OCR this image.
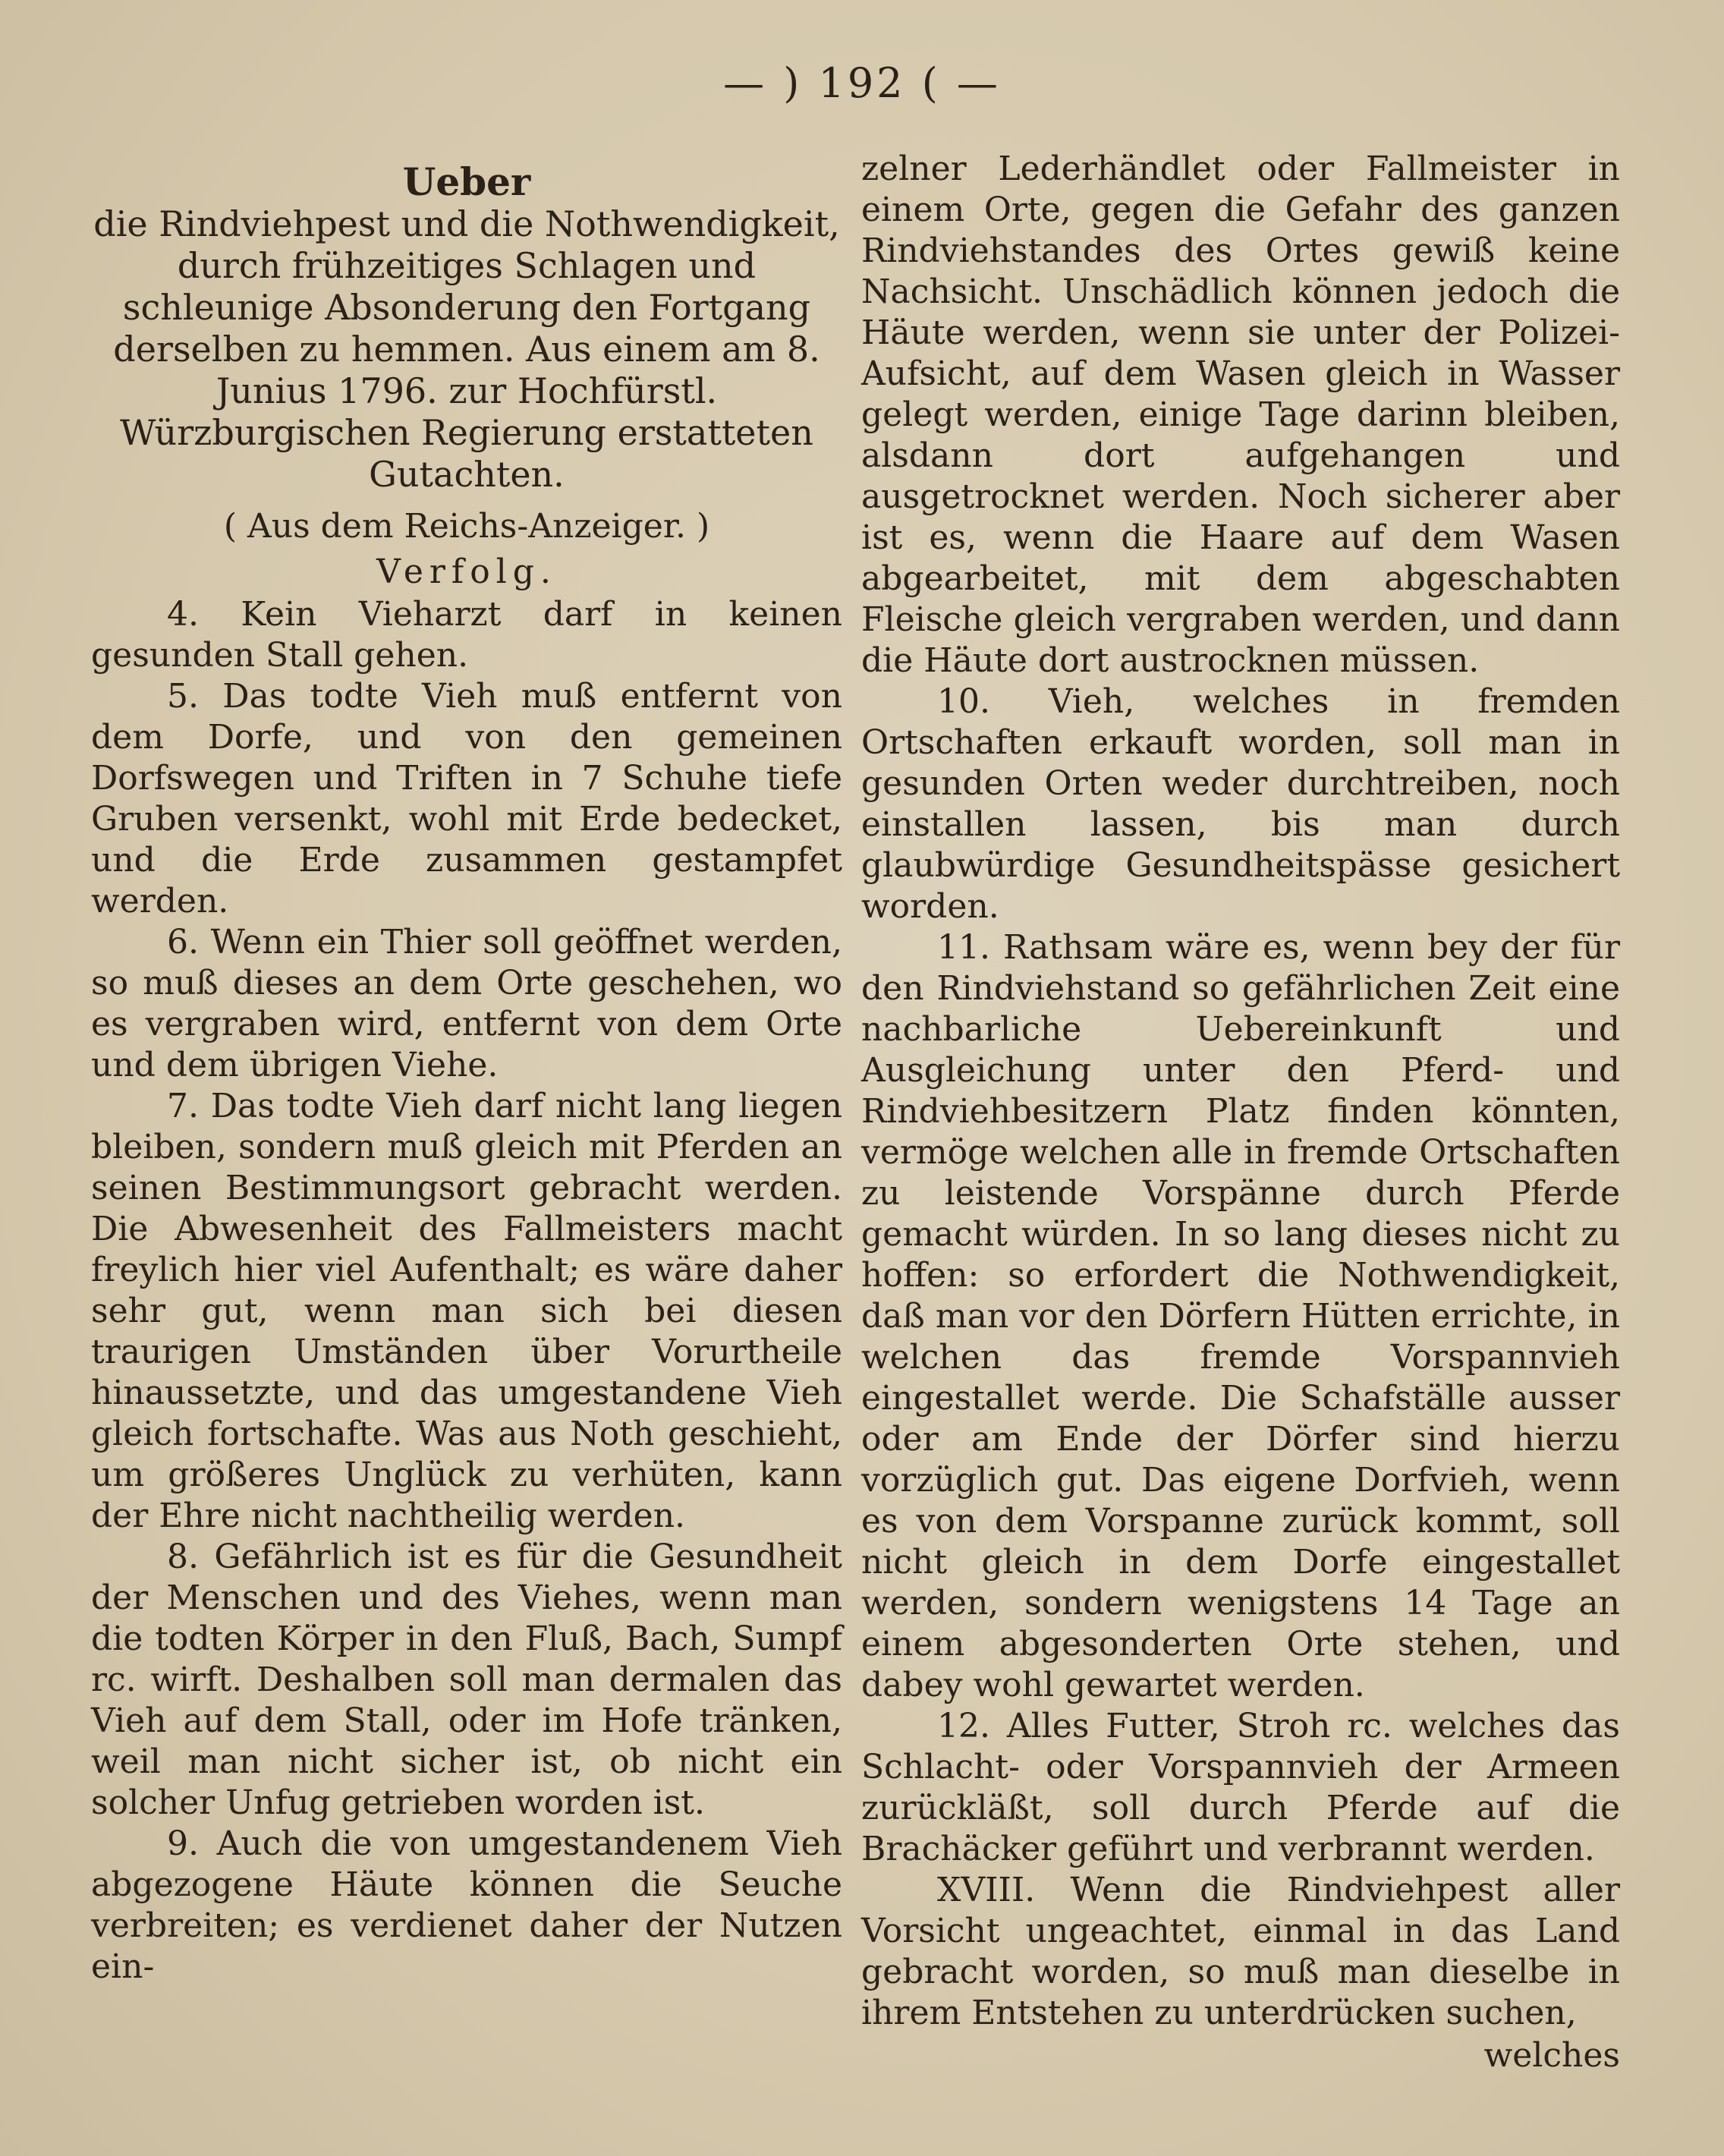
— ) 192 ( —

Ueber

die Rindviehpest und die Nothwendigkeit, durch frühzeitiges Schlagen und schleunige Absonderung den Fortgang derselben zu hemmen. Aus einem am 8. Junius 1796. zur Hochfürstl. Würzburgischen Regierung erstatteten Gutachten.

( Aus dem Reichs-Anzeiger. )

Verfolg.

4. Kein Vieharzt darf in keinen gesunden Stall gehen.

5. Das todte Vieh muß entfernt von dem Dorfe, und von den gemeinen Dorfswegen und Triften in 7 Schuhe tiefe Gruben versenkt, wohl mit Erde bedecket, und die Erde zusammen gestampfet werden.

6. Wenn ein Thier soll geöffnet werden, so muß dieses an dem Orte geschehen, wo es vergraben wird, entfernt von dem Orte und dem übrigen Viehe.

7. Das todte Vieh darf nicht lang liegen bleiben, sondern muß gleich mit Pferden an seinen Bestimmungsort gebracht werden. Die Abwesenheit des Fallmeisters macht freylich hier viel Aufenthalt; es wäre daher sehr gut, wenn man sich bei diesen traurigen Umständen über Vorurtheile hinaussetzte, und das umgestandene Vieh gleich fortschafte. Was aus Noth geschieht, um größeres Unglück zu verhüten, kann der Ehre nicht nachtheilig werden.

8. Gefährlich ist es für die Gesundheit der Menschen und des Viehes, wenn man die todten Körper in den Fluß, Bach, Sumpf rc. wirft. Deshalben soll man dermalen das Vieh auf dem Stall, oder im Hofe tränken, weil man nicht sicher ist, ob nicht ein solcher Unfug getrieben worden ist.

9. Auch die von umgestandenem Vieh abgezogene Häute können die Seuche verbreiten; es verdienet daher der Nutzen ein-

zelner Lederhändlet oder Fallmeister in einem Orte, gegen die Gefahr des ganzen Rindviehstandes des Ortes gewiß keine Nachsicht. Unschädlich können jedoch die Häute werden, wenn sie unter der Polizei-Aufsicht, auf dem Wasen gleich in Wasser gelegt werden, einige Tage darinn bleiben, alsdann dort aufgehangen und ausgetrocknet werden. Noch sicherer aber ist es, wenn die Haare auf dem Wasen abgearbeitet, mit dem abgeschabten Fleische gleich vergraben werden, und dann die Häute dort austrocknen müssen.

10. Vieh, welches in fremden Ortschaften erkauft worden, soll man in gesunden Orten weder durchtreiben, noch einstallen lassen, bis man durch glaubwürdige Gesundheitspässe gesichert worden.

11. Rathsam wäre es, wenn bey der für den Rindviehstand so gefährlichen Zeit eine nachbarliche Uebereinkunft und Ausgleichung unter den Pferd- und Rindviehbesitzern Platz finden könnten, vermöge welchen alle in fremde Ortschaften zu leistende Vorspänne durch Pferde gemacht würden. In so lang dieses nicht zu hoffen: so erfordert die Nothwendigkeit, daß man vor den Dörfern Hütten errichte, in welchen das fremde Vorspannvieh eingestallet werde. Die Schafställe ausser oder am Ende der Dörfer sind hierzu vorzüglich gut. Das eigene Dorfvieh, wenn es von dem Vorspanne zurück kommt, soll nicht gleich in dem Dorfe eingestallet werden, sondern wenigstens 14 Tage an einem abgesonderten Orte stehen, und dabey wohl gewartet werden.

12. Alles Futter, Stroh rc. welches das Schlacht- oder Vorspannvieh der Armeen zurückläßt, soll durch Pferde auf die Brachäcker geführt und verbrannt werden.

XVIII. Wenn die Rindviehpest aller Vorsicht ungeachtet, einmal in das Land gebracht worden, so muß man dieselbe in ihrem Entstehen zu unterdrücken suchen,

welches
